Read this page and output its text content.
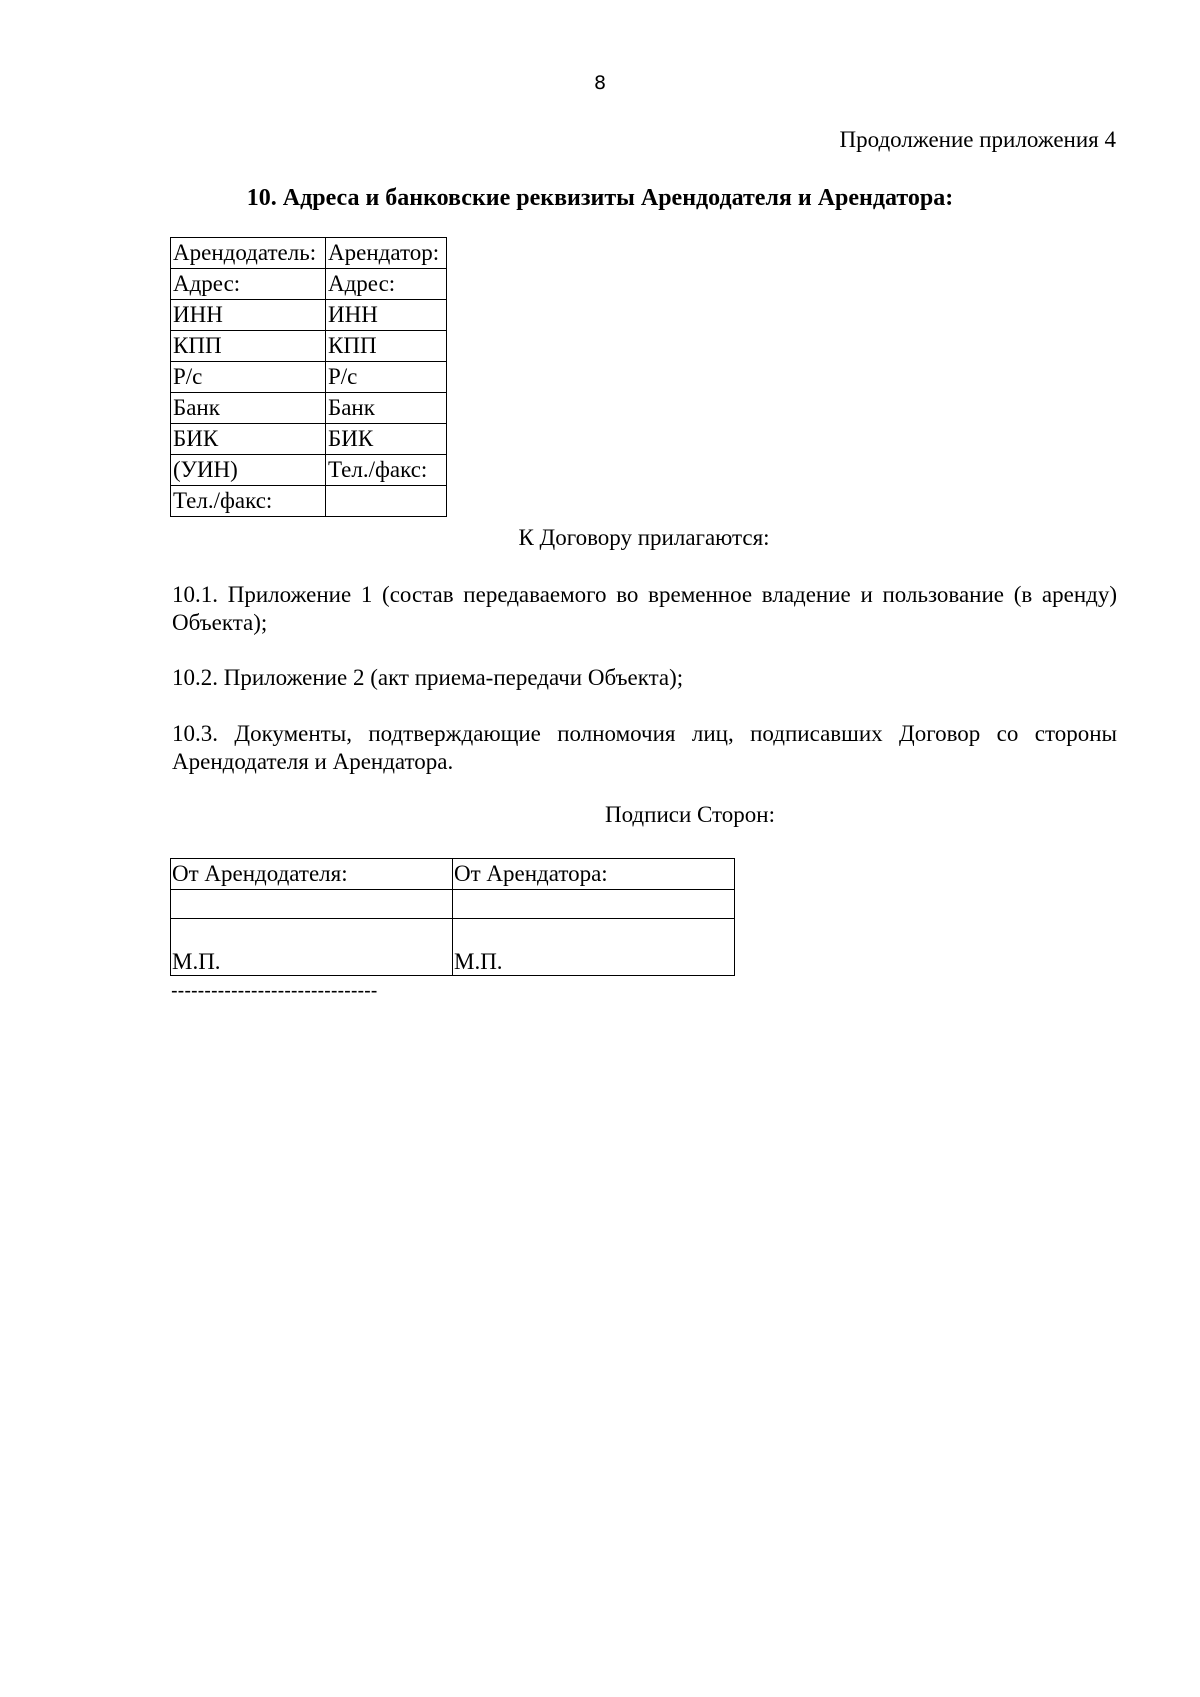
8
Продолжение приложения 4
10. Адреса и банковские реквизиты Арендодателя и Арендатора:
Арендодатель:	Арендатор:
Адрес:	Адрес:
ИНН	ИНН
КПП	КПП
Р/с	Р/с
Банк	Банк
БИК	БИК
(УИН)	Тел./факс:
Тел./факс:	
К Договору прилагаются:
10.1. Приложение 1 (состав передаваемого во временное владение и пользование (в аренду) Объекта);
10.2. Приложение 2 (акт приема-передачи Объекта);
10.3. Документы, подтверждающие полномочия лиц, подписавших Договор со стороны Арендодателя и Арендатора.
Подписи Сторон:
От Арендодателя:	От Арендатора:

М.П.	М.П.
-------------------------------
